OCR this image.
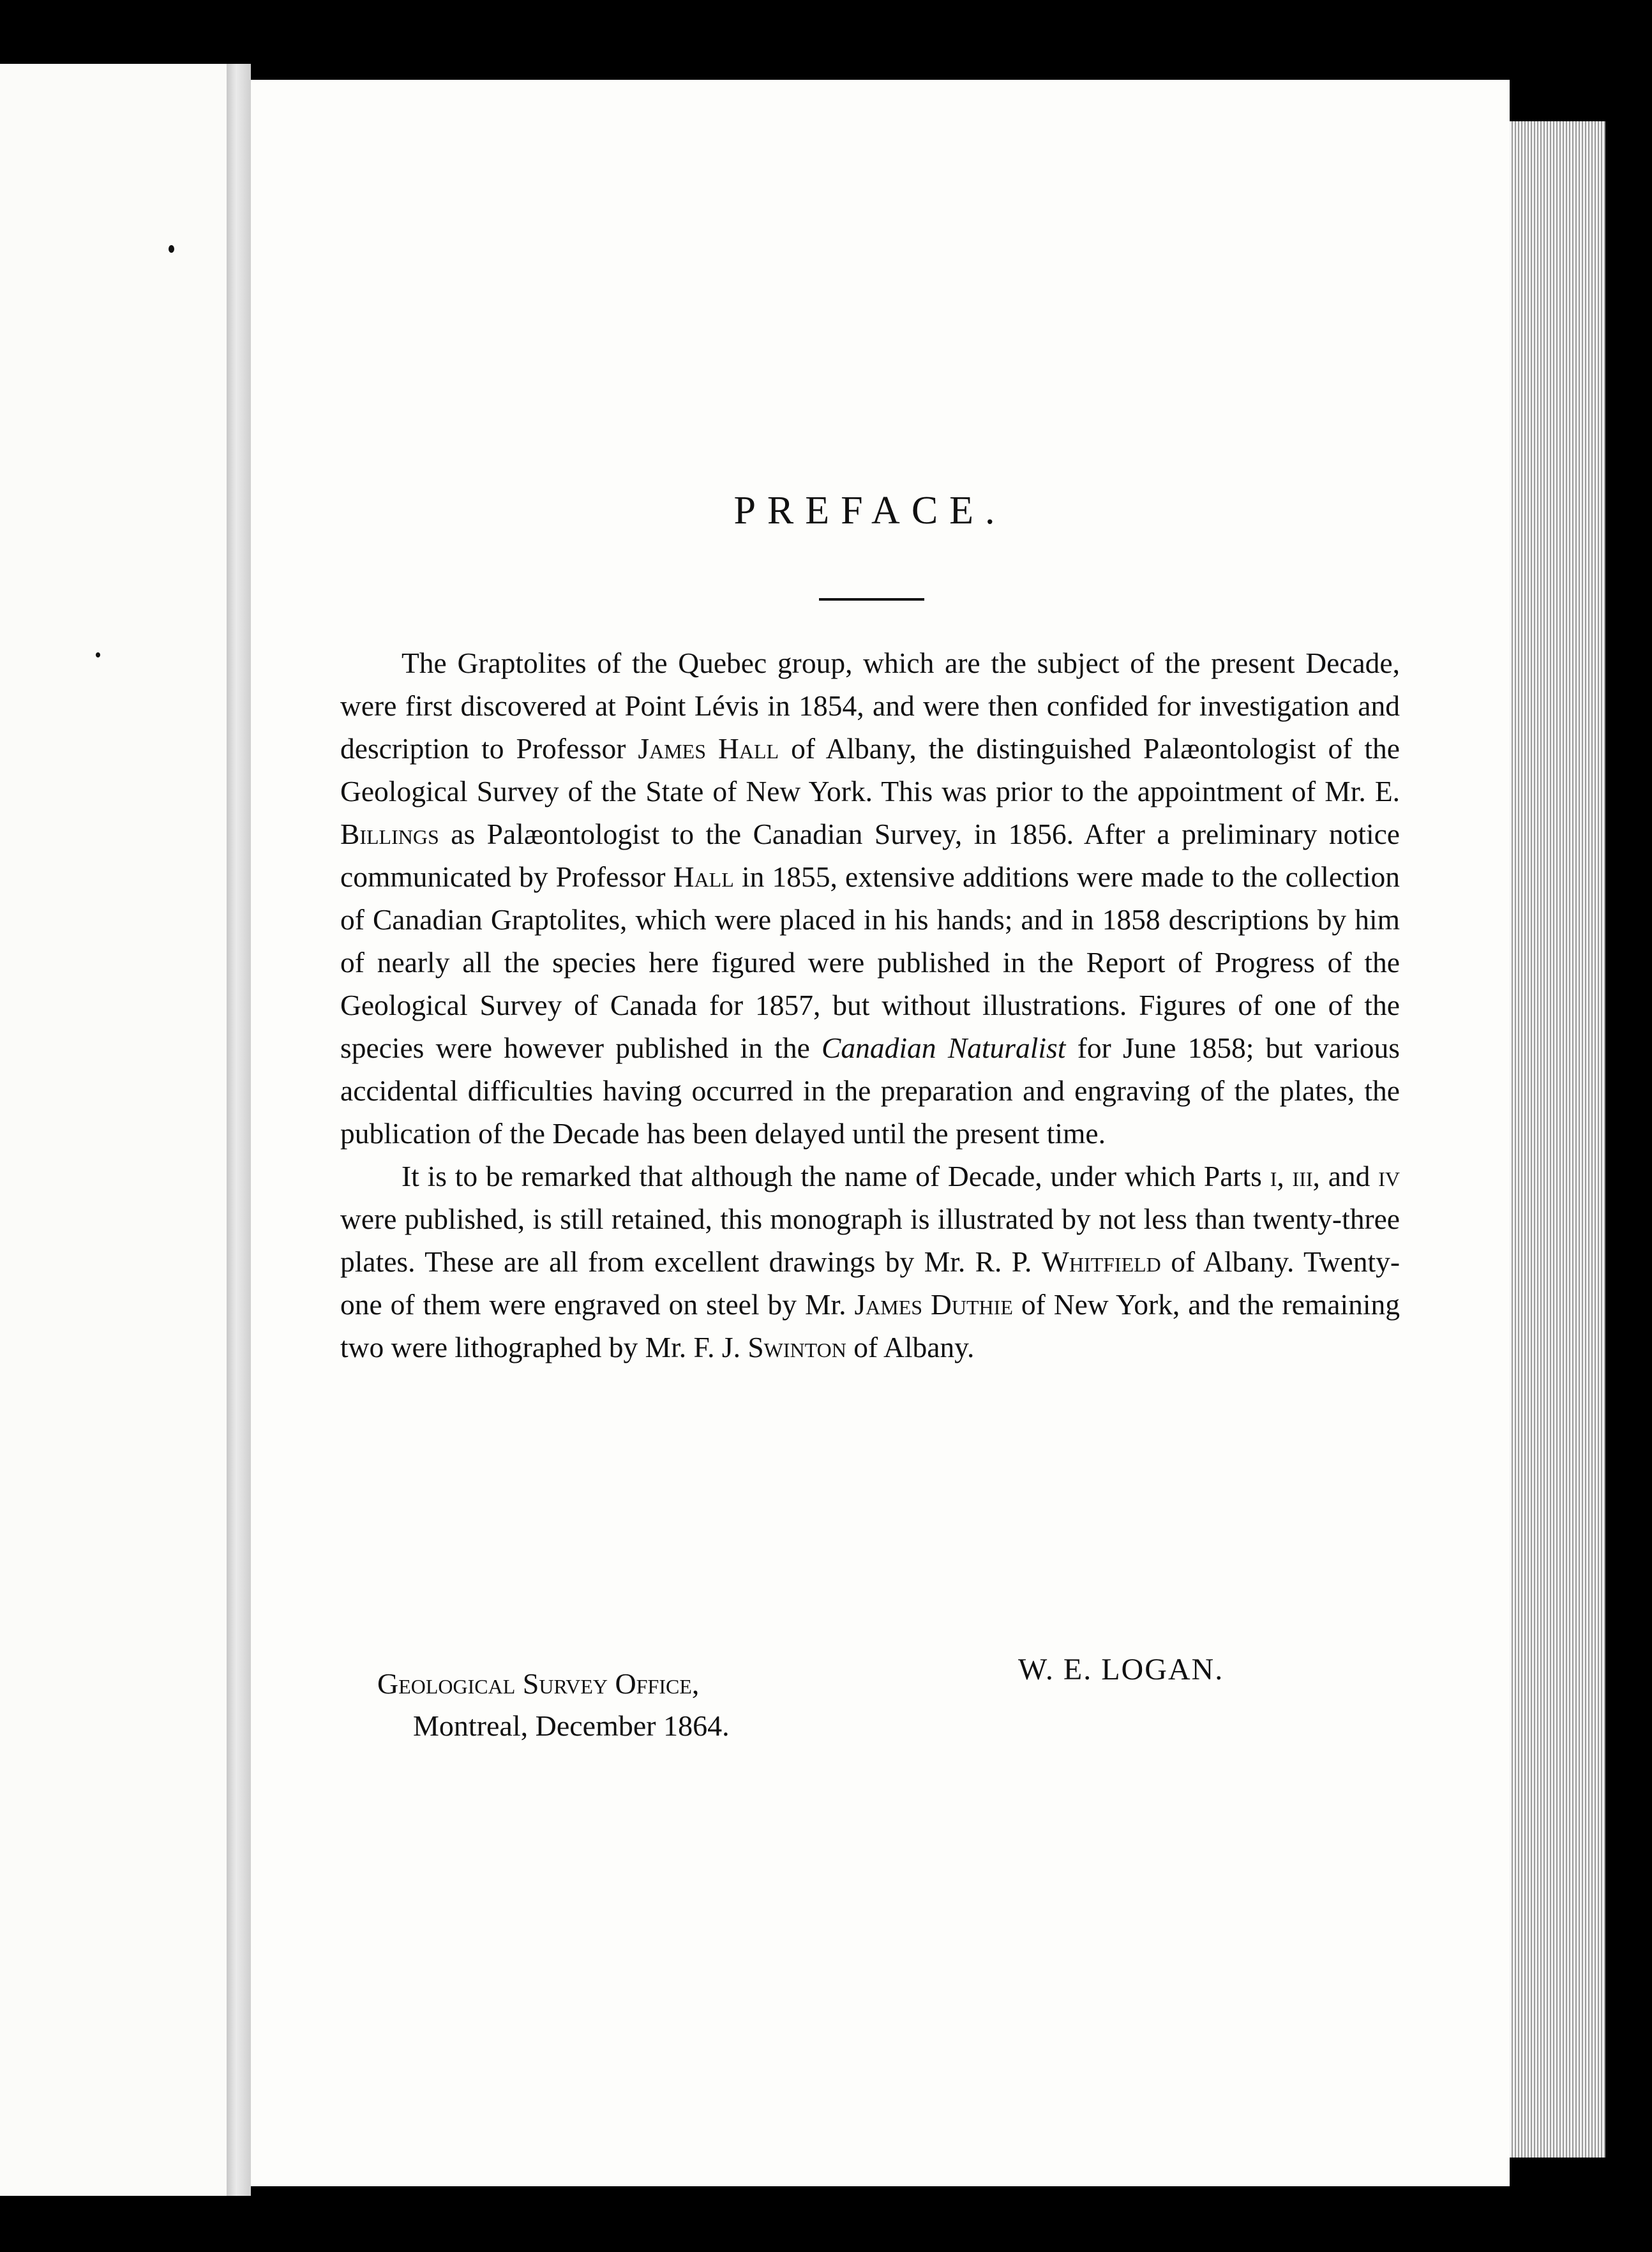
PREFACE.

The Graptolites of the Quebec group, which are the subject of the present Decade, were first discovered at Point Lévis in 1854, and were then confided for investigation and description to Professor James Hall of Albany, the distinguished Palæontologist of the Geological Survey of the State of New York. This was prior to the appointment of Mr. E. Billings as Palæontologist to the Canadian Survey, in 1856. After a preliminary notice communicated by Professor Hall in 1855, extensive additions were made to the collection of Canadian Graptolites, which were placed in his hands; and in 1858 descriptions by him of nearly all the species here figured were published in the Report of Progress of the Geological Survey of Canada for 1857, but without illustrations. Figures of one of the species were however published in the Canadian Naturalist for June 1858; but various accidental difficulties having occurred in the preparation and engraving of the plates, the publication of the Decade has been delayed until the present time.

It is to be remarked that although the name of Decade, under which Parts i, iii, and iv were published, is still retained, this monograph is illustrated by not less than twenty-three plates. These are all from excellent drawings by Mr. R. P. Whitfield of Albany. Twenty-one of them were engraved on steel by Mr. James Duthie of New York, and the remaining two were lithographed by Mr. F. J. Swinton of Albany.

Geological Survey Office,
Montreal, December 1864.
W. E. LOGAN.
